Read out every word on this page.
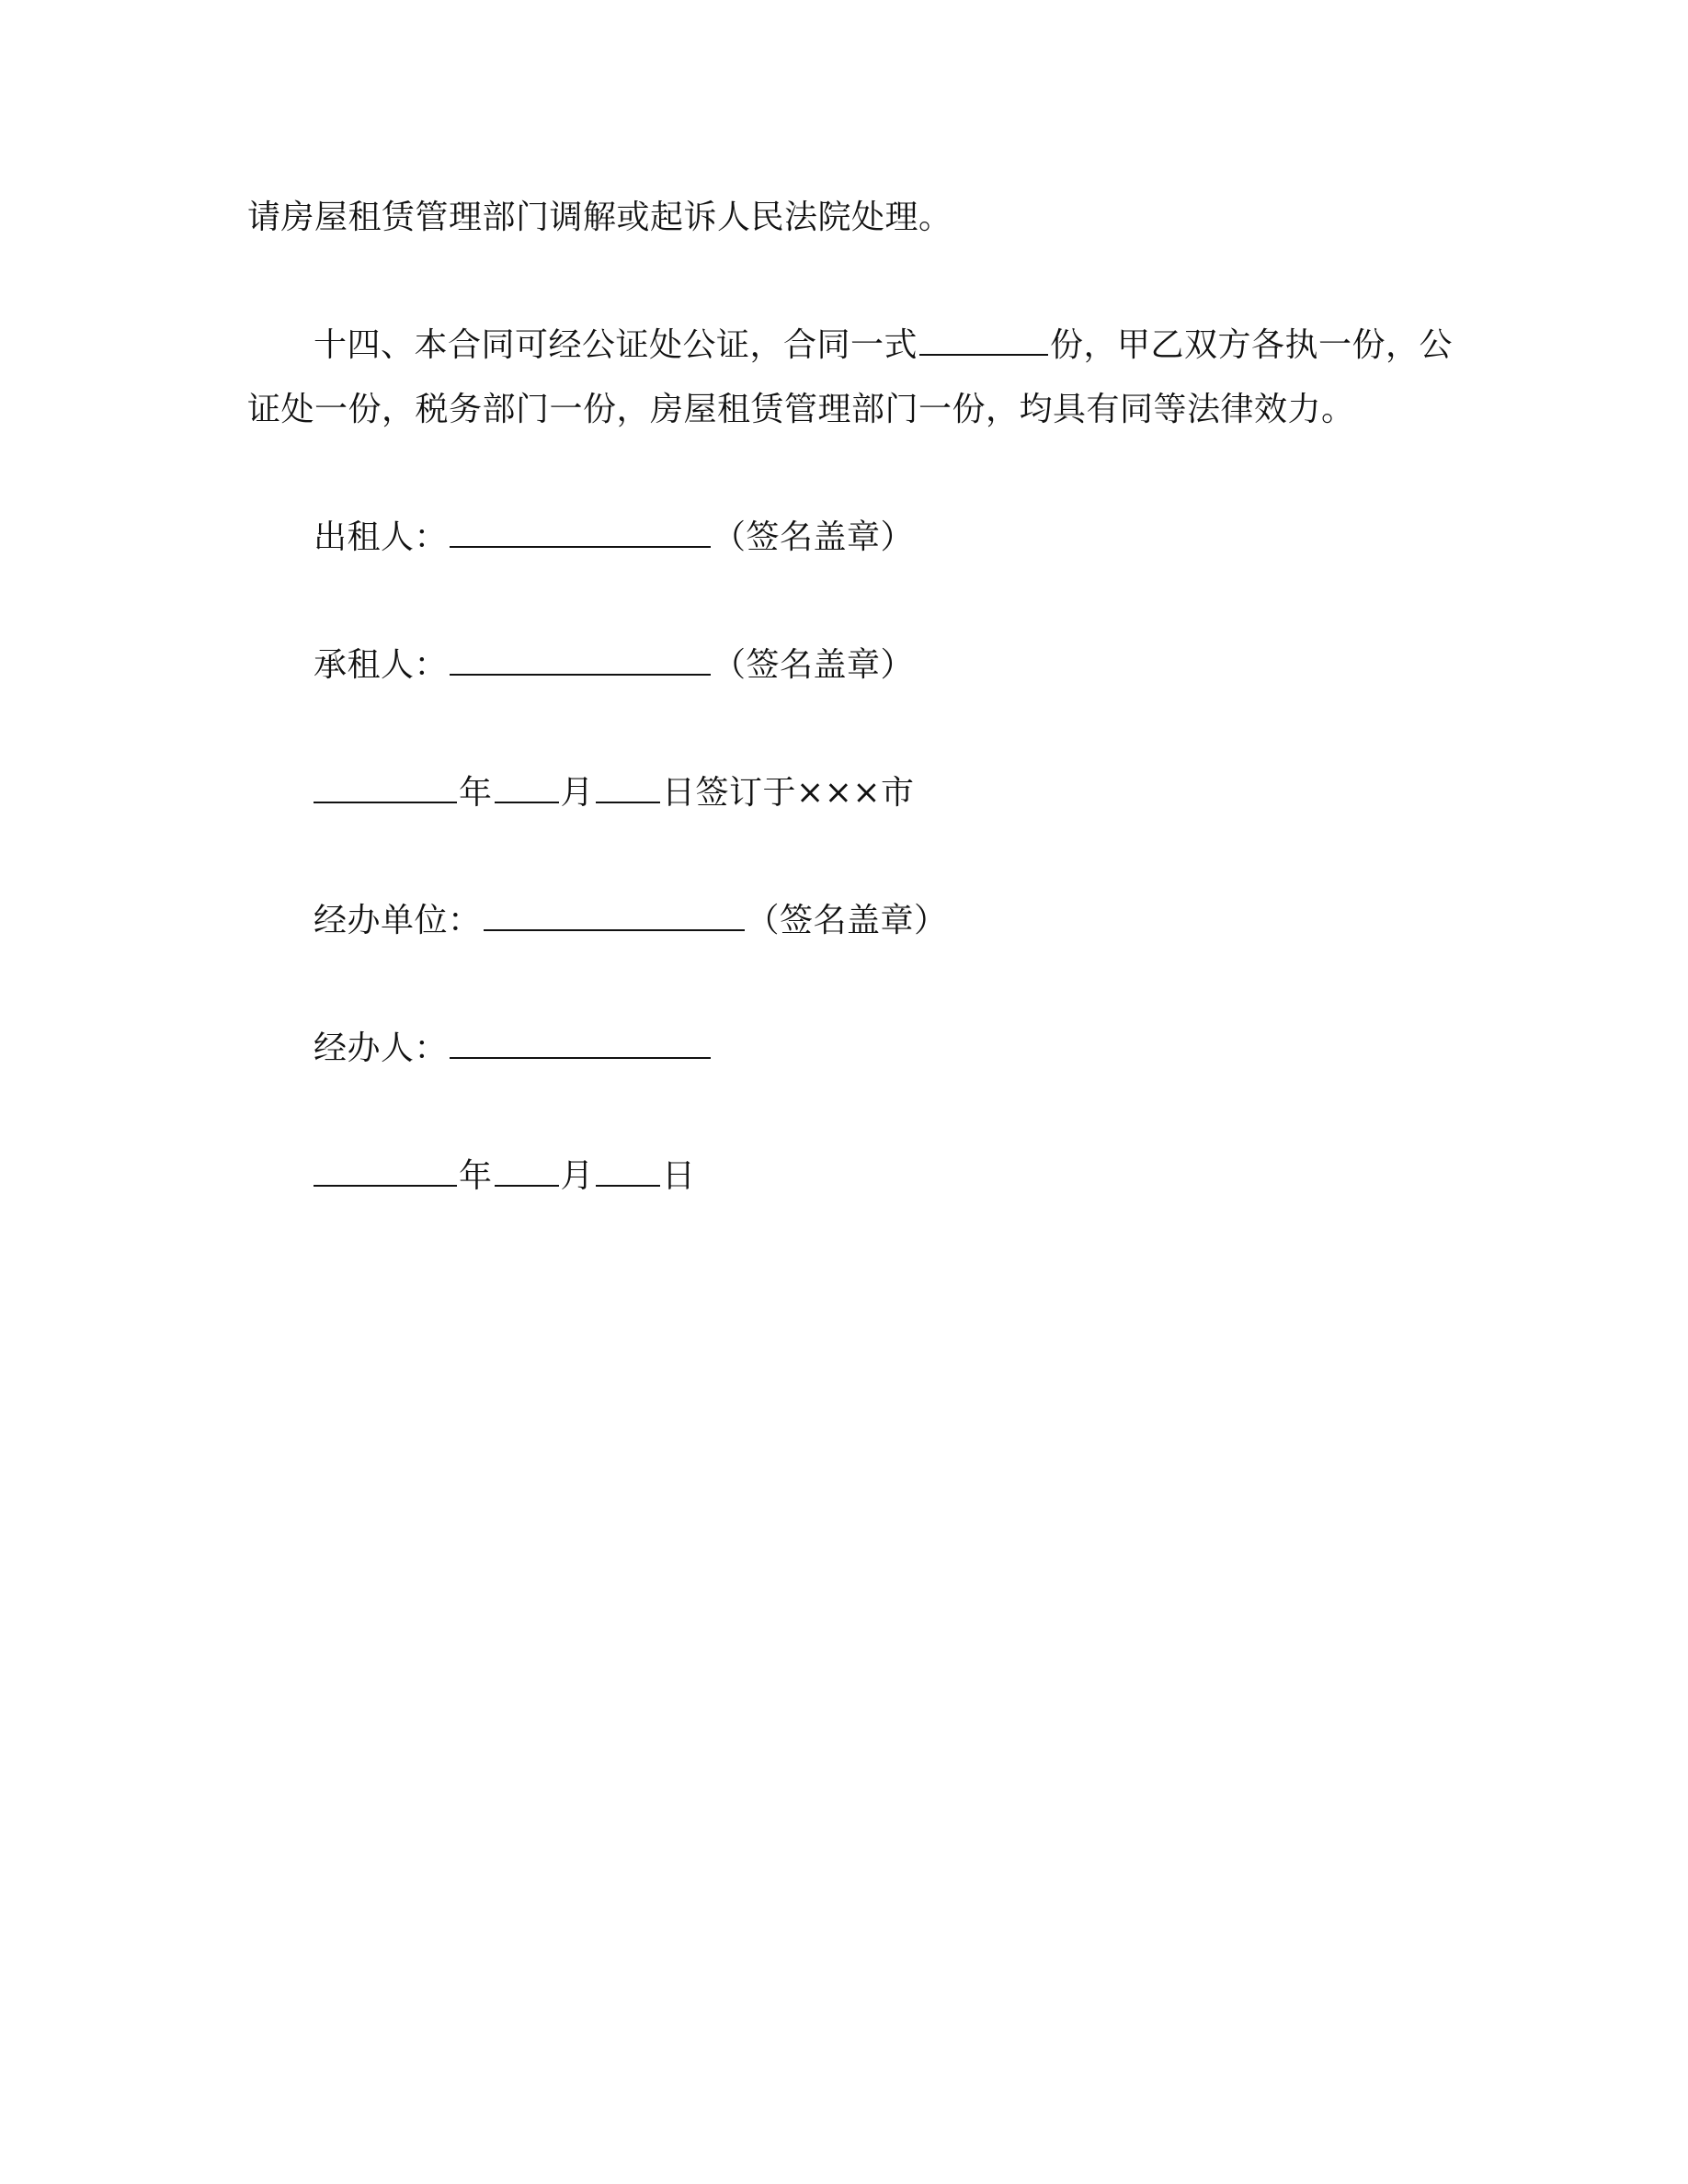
请房屋租赁管理部门调解或起诉人民法院处理。
十四、本合同可经公证处公证，合同一式	份，甲乙双方各执一份，公
证处一份，税务部门一份，房屋租赁管理部门一份，均具有同等法律效力。
出租人：	（签名盖章）
承租人：	（签名盖章）
年 月 日签订于×××市
经办单位：	（签名盖章）
经办人：
年 月 日
